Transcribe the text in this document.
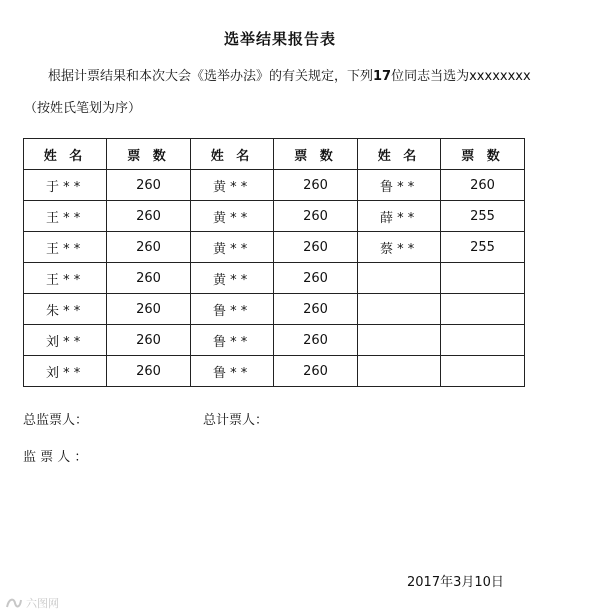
选举结果报告表
根据计票结果和本次大会《选举办法》的有关规定，下列17位同志当选为xxxxxxxx
（按姓氏笔划为序）
姓 名	票 数	姓 名	票 数	姓 名	票 数
于 * *	260	黄 * *	260	鲁 * *	260
王 * *	260	黄 * *	260	薛 * *	255
王 * *	260	黄 * *	260	蔡 * *	255
王 * *	260	黄 * *	260		
朱 * *	260	鲁 * *	260		
刘 * *	260	鲁 * *	260		
刘 * *	260	鲁 * *	260		
总监票人：	总计票人：
监 票 人 ：
2017年3月10日
六图网
